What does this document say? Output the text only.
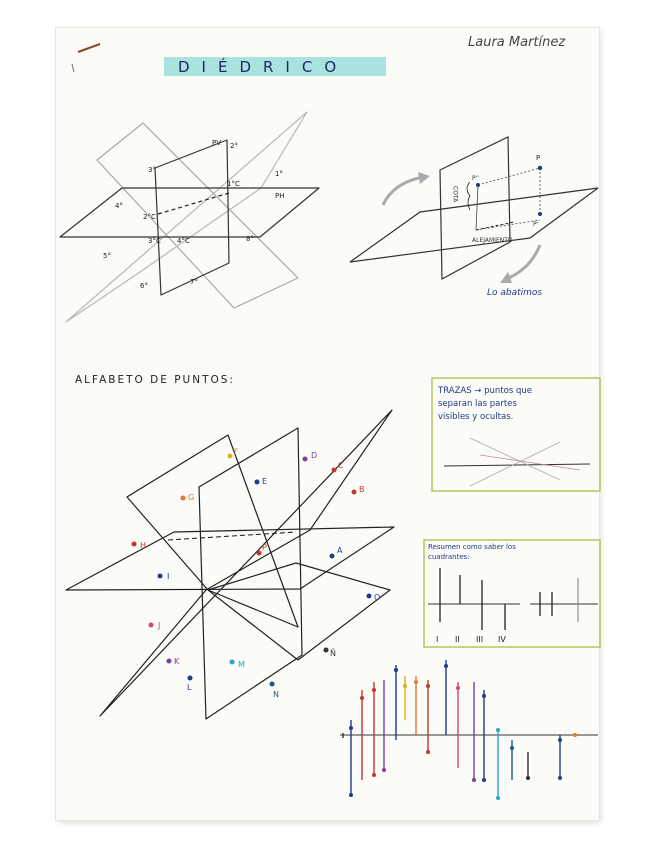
DIÉDRICO
Laura Martínez
3°
2°
1°
4°
5°
6°	7°
8°
PV
PH
1°C
2°C
3°C 4°C
P
P''
P'
COTA
ALEJAMIENTO
A
B
C
D
E
F
G
H
I
J
K
L
M
N
Ñ
O
P
Lo abatimos
ALFABETO DE PUNTOS:
TRAZAS → puntos que
separan las partes
visibles y ocultas.
Resumen como saber los
cuadrantes:
I II III IV
